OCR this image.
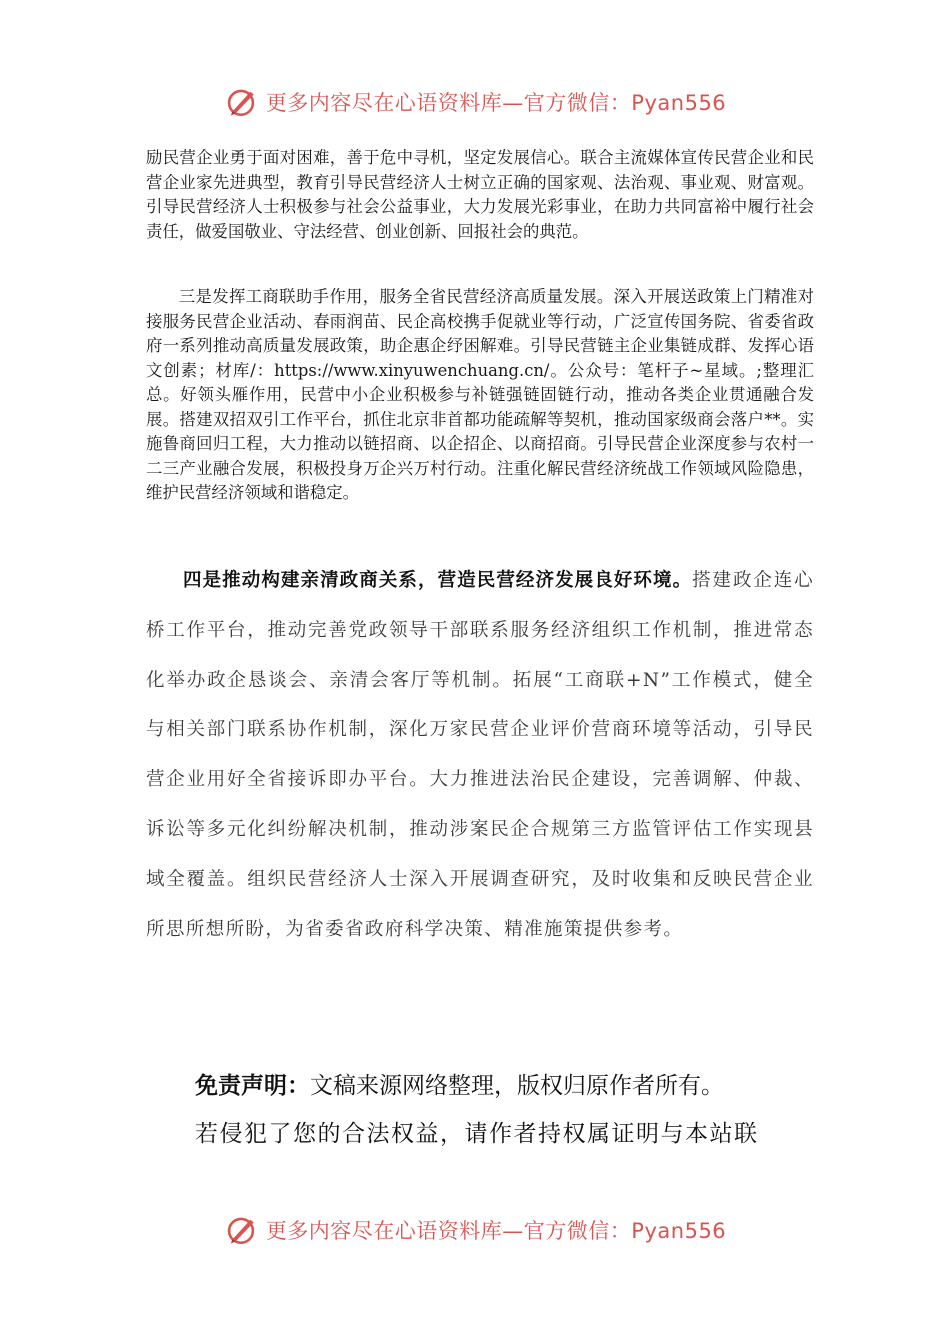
更多内容尽在心语资料库—官方微信：Pyan556

励民营企业勇于面对困难，善于危中寻机，坚定发展信心。联合主流媒体宣传民营企业和民营企业家先进典型，教育引导民营经济人士树立正确的国家观、法治观、事业观、财富观。引导民营经济人士积极参与社会公益事业，大力发展光彩事业，在助力共同富裕中履行社会责任，做爱国敬业、守法经营、创业创新、回报社会的典范。

三是发挥工商联助手作用，服务全省民营经济高质量发展。深入开展送政策上门精准对接服务民营企业活动、春雨润苗、民企高校携手促就业等行动，广泛宣传国务院、省委省政府一系列推动高质量发展政策，助企惠企纾困解难。引导民营链主企业集链成群、发挥心语文创素；材库/：https://www.xinyuwenchuang.cn/。公众号：笔杆子~星域。;整理汇总。好领头雁作用，民营中小企业积极参与补链强链固链行动，推动各类企业贯通融合发展。搭建双招双引工作平台，抓住北京非首都功能疏解等契机，推动国家级商会落户**。实施鲁商回归工程，大力推动以链招商、以企招企、以商招商。引导民营企业深度参与农村一二三产业融合发展，积极投身万企兴万村行动。注重化解民营经济统战工作领域风险隐患，维护民营经济领域和谐稳定。

四是推动构建亲清政商关系，营造民营经济发展良好环境。搭建政企连心桥工作平台，推动完善党政领导干部联系服务经济组织工作机制，推进常态化举办政企恳谈会、亲清会客厅等机制。拓展“工商联+N”工作模式，健全与相关部门联系协作机制，深化万家民营企业评价营商环境等活动，引导民营企业用好全省接诉即办平台。大力推进法治民企建设，完善调解、仲裁、诉讼等多元化纠纷解决机制，推动涉案民企合规第三方监管评估工作实现县域全覆盖。组织民营经济人士深入开展调查研究，及时收集和反映民营企业所思所想所盼，为省委省政府科学决策、精准施策提供参考。

免责声明：文稿来源网络整理，版权归原作者所有。
若侵犯了您的合法权益，请作者持权属证明与本站联
更多内容尽在心语资料库—官方微信：Pyan556
